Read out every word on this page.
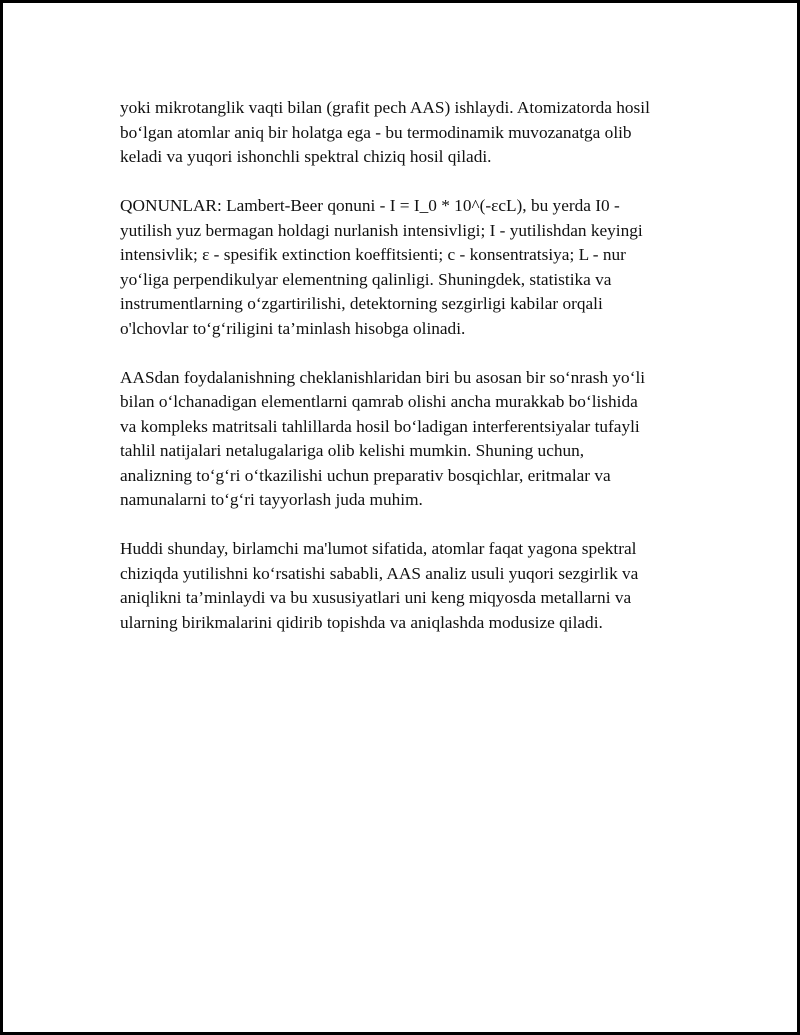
yoki mikrotanglik vaqti bilan (grafit pech AAS) ishlaydi. Atomizatorda hosil
bo‘lgan atomlar aniq bir holatga ega - bu termodinamik muvozanatga olib
keladi va yuqori ishonchli spektral chiziq hosil qiladi.

QONUNLAR: Lambert-Beer qonuni - I = I_0 * 10^(-εcL), bu yerda I0 -
yutilish yuz bermagan holdagi nurlanish intensivligi; I - yutilishdan keyingi
intensivlik; ε - spesifik extinction koeffitsienti; c - konsentratsiya; L - nur
yo‘liga perpendikulyar elementning qalinligi. Shuningdek, statistika va
instrumentlarning o‘zgartirilishi, detektorning sezgirligi kabilar orqali
o'lchovlar to‘g‘riligini ta’minlash hisobga olinadi.

AASdan foydalanishning cheklanishlaridan biri bu asosan bir so‘nrash yo‘li
bilan o‘lchanadigan elementlarni qamrab olishi ancha murakkab bo‘lishida
va kompleks matritsali tahlillarda hosil bo‘ladigan interferentsiyalar tufayli
tahlil natijalari netalugalariga olib kelishi mumkin. Shuning uchun,
analizning to‘g‘ri o‘tkazilishi uchun preparativ bosqichlar, eritmalar va
namunalarni to‘g‘ri tayyorlash juda muhim.

Huddi shunday, birlamchi ma'lumot sifatida, atomlar faqat yagona spektral
chiziqda yutilishni ko‘rsatishi sababli, AAS analiz usuli yuqori sezgirlik va
aniqlikni ta’minlaydi va bu xususiyatlari uni keng miqyosda metallarni va
ularning birikmalarini qidirib topishda va aniqlashda modusize qiladi.
